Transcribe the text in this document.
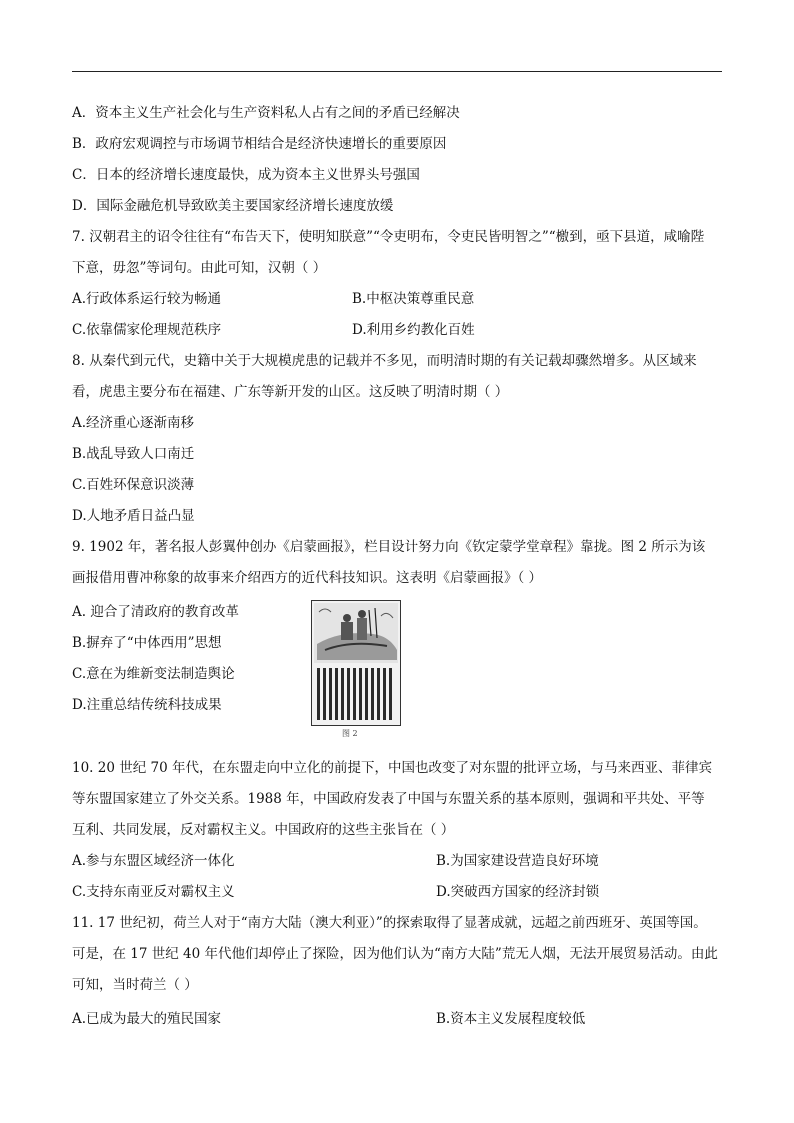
A．资本主义生产社会化与生产资料私人占有之间的矛盾已经解决
B．政府宏观调控与市场调节相结合是经济快速增长的重要原因
C．日本的经济增长速度最快，成为资本主义世界头号强国
D．国际金融危机导致欧美主要国家经济增长速度放缓
7. 汉朝君主的诏令往往有“布告天下，使明知朕意”“令吏明布，令吏民皆明智之”“檄到，亟下县道，咸喻陛
下意，毋忽”等词句。由此可知，汉朝（ ）
A.行政体系运行较为畅通	B.中枢决策尊重民意
C.依靠儒家伦理规范秩序	D.利用乡约教化百姓
8. 从秦代到元代，史籍中关于大规模虎患的记载并不多见，而明清时期的有关记载却骤然增多。从区域来
看，虎患主要分布在福建、广东等新开发的山区。这反映了明清时期（ ）
A.经济重心逐渐南移
B.战乱导致人口南迁
C.百姓环保意识淡薄
D.人地矛盾日益凸显
9. 1902 年，著名报人彭翼仲创办《启蒙画报》，栏目设计努力向《钦定蒙学堂章程》靠拢。图 2 所示为该
画报借用曹冲称象的故事来介绍西方的近代科技知识。这表明《启蒙画报》（ ）
A. 迎合了清政府的教育改革
B.摒弃了“中体西用”思想
C.意在为维新变法制造舆论
D.注重总结传统科技成果
图 2
10. 20 世纪 70 年代，在东盟走向中立化的前提下，中国也改变了对东盟的批评立场，与马来西亚、菲律宾
等东盟国家建立了外交关系。1988 年，中国政府发表了中国与东盟关系的基本原则，强调和平共处、平等
互利、共同发展，反对霸权主义。中国政府的这些主张旨在（ ）
A.参与东盟区域经济一体化	B.为国家建设营造良好环境
C.支持东南亚反对霸权主义	D.突破西方国家的经济封锁
11. 17 世纪初，荷兰人对于“南方大陆（澳大利亚）”的探索取得了显著成就，远超之前西班牙、英国等国。
可是，在 17 世纪 40 年代他们却停止了探险，因为他们认为“南方大陆”荒无人烟，无法开展贸易活动。由此
可知，当时荷兰（ ）
A.已成为最大的殖民国家	B.资本主义发展程度较低
